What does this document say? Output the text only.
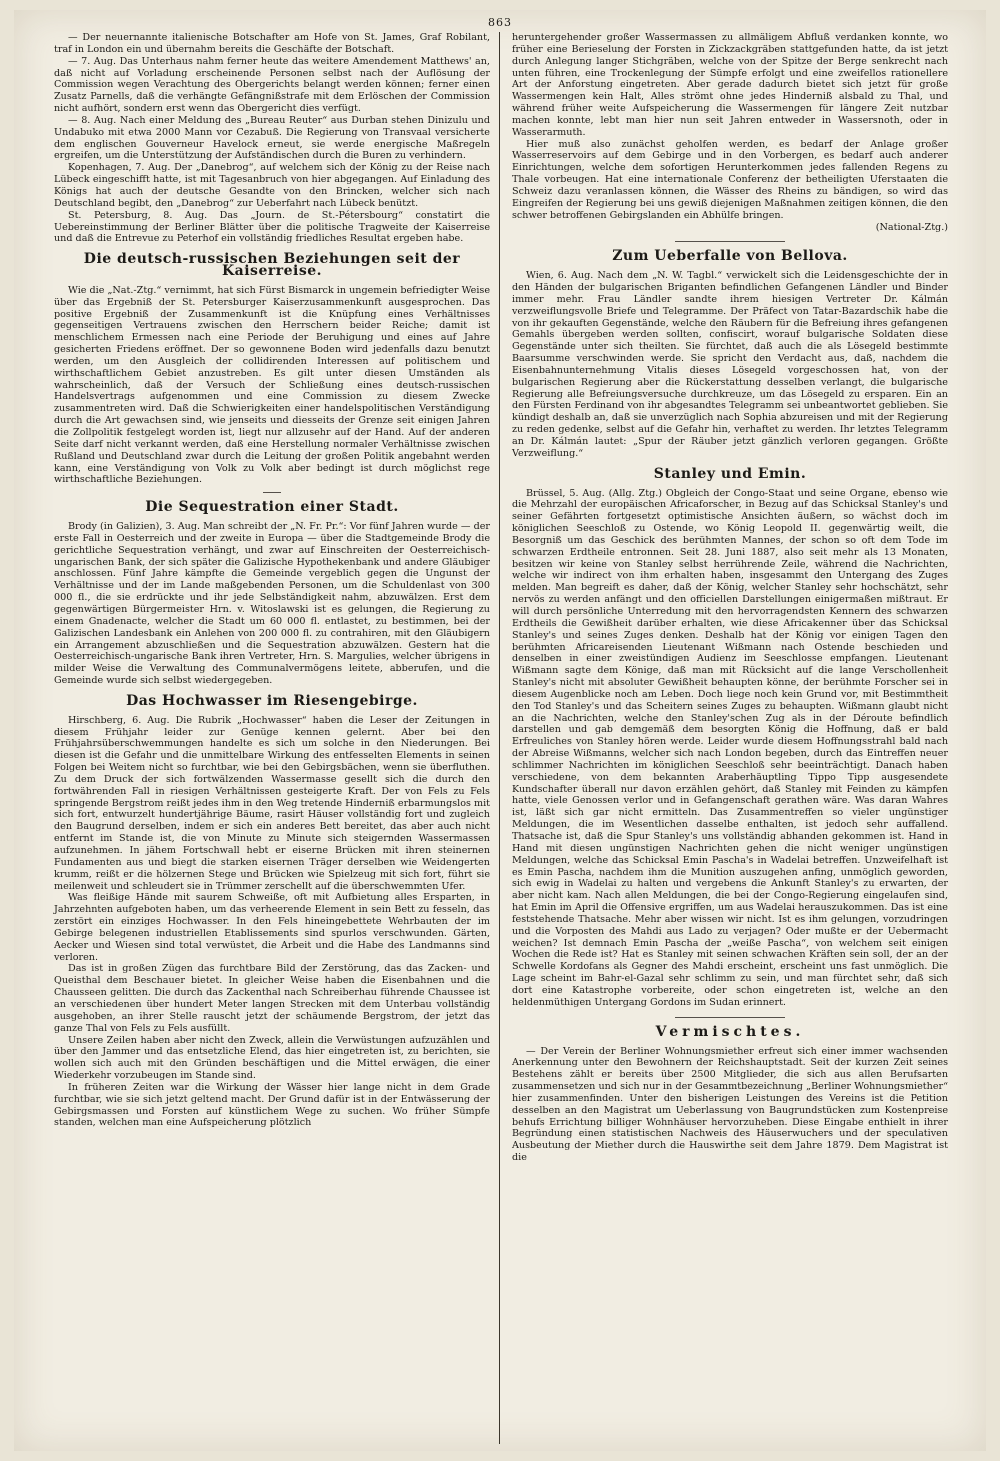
863

— Der neuernannte italienische Botschafter am Hofe von St. James, Graf Robilant, traf in London ein und übernahm bereits die Geschäfte der Botschaft.

— 7. Aug. Das Unterhaus nahm ferner heute das weitere Amendement Matthews' an, daß nicht auf Vorladung erscheinende Personen selbst nach der Auflösung der Commission wegen Verachtung des Obergerichts belangt werden können; ferner einen Zusatz Parnells, daß die verhängte Gefängnißstrafe mit dem Erlöschen der Commission nicht aufhört, sondern erst wenn das Obergericht dies verfügt.

— 8. Aug. Nach einer Meldung des „Bureau Reuter“ aus Durban stehen Dinizulu und Undabuko mit etwa 2000 Mann vor Cezabuß. Die Regierung von Transvaal versicherte dem englischen Gouverneur Havelock erneut, sie werde energische Maßregeln ergreifen, um die Unterstützung der Aufständischen durch die Buren zu verhindern.

Kopenhagen, 7. Aug. Der „Danebrog“, auf welchem sich der König zu der Reise nach Lübeck eingeschifft hatte, ist mit Tagesanbruch von hier abgegangen. Auf Einladung des Königs hat auch der deutsche Gesandte von den Brincken, welcher sich nach Deutschland begibt, den „Danebrog“ zur Ueberfahrt nach Lübeck benützt.

St. Petersburg, 8. Aug. Das „Journ. de St.-Pétersbourg“ constatirt die Uebereinstimmung der Berliner Blätter über die politische Tragweite der Kaiserreise und daß die Entrevue zu Peterhof ein vollständig friedliches Resultat ergeben habe.

Die deutsch-russischen Beziehungen seit der Kaiserreise.

Wie die „Nat.-Ztg.“ vernimmt, hat sich Fürst Bismarck in ungemein befriedigter Weise über das Ergebniß der St. Petersburger Kaiserzusammenkunft ausgesprochen. Das positive Ergebniß der Zusammenkunft ist die Knüpfung eines Verhältnisses gegenseitigen Vertrauens zwischen den Herrschern beider Reiche; damit ist menschlichem Ermessen nach eine Periode der Beruhigung und eines auf Jahre gesicherten Friedens eröffnet. Der so gewonnene Boden wird jedenfalls dazu benutzt werden, um den Ausgleich der collidirenden Interessen auf politischem und wirthschaftlichem Gebiet anzustreben. Es gilt unter diesen Umständen als wahrscheinlich, daß der Versuch der Schließung eines deutsch-russischen Handelsvertrags aufgenommen und eine Commission zu diesem Zwecke zusammentreten wird. Daß die Schwierigkeiten einer handelspolitischen Verständigung durch die Art gewachsen sind, wie jenseits und diesseits der Grenze seit einigen Jahren die Zollpolitik festgelegt worden ist, liegt nur allzusehr auf der Hand. Auf der anderen Seite darf nicht verkannt werden, daß eine Herstellung normaler Verhältnisse zwischen Rußland und Deutschland zwar durch die Leitung der großen Politik angebahnt werden kann, eine Verständigung von Volk zu Volk aber bedingt ist durch möglichst rege wirthschaftliche Beziehungen.

Die Sequestration einer Stadt.

Brody (in Galizien), 3. Aug. Man schreibt der „N. Fr. Pr.“: Vor fünf Jahren wurde — der erste Fall in Oesterreich und der zweite in Europa — über die Stadtgemeinde Brody die gerichtliche Sequestration verhängt, und zwar auf Einschreiten der Oesterreichisch-ungarischen Bank, der sich später die Galizische Hypothekenbank und andere Gläubiger anschlossen. Fünf Jahre kämpfte die Gemeinde vergeblich gegen die Ungunst der Verhältnisse und der im Lande maßgebenden Personen, um die Schuldenlast von 300 000 fl., die sie erdrückte und ihr jede Selbständigkeit nahm, abzuwälzen. Erst dem gegenwärtigen Bürgermeister Hrn. v. Witoslawski ist es gelungen, die Regierung zu einem Gnadenacte, welcher die Stadt um 60 000 fl. entlastet, zu bestimmen, bei der Galizischen Landesbank ein Anlehen von 200 000 fl. zu contrahiren, mit den Gläubigern ein Arrangement abzuschließen und die Sequestration abzuwälzen. Gestern hat die Oesterreichisch-ungarische Bank ihren Vertreter, Hrn. S. Margulies, welcher übrigens in milder Weise die Verwaltung des Communalvermögens leitete, abberufen, und die Gemeinde wurde sich selbst wiedergegeben.

Das Hochwasser im Riesengebirge.

Hirschberg, 6. Aug. Die Rubrik „Hochwasser“ haben die Leser der Zeitungen in diesem Frühjahr leider zur Genüge kennen gelernt. Aber bei den Frühjahrsüberschwemmungen handelte es sich um solche in den Niederungen. Bei diesen ist die Gefahr und die unmittelbare Wirkung des entfesselten Elements in seinen Folgen bei Weitem nicht so furchtbar, wie bei den Gebirgsbächen, wenn sie überfluthen. Zu dem Druck der sich fortwälzenden Wassermasse gesellt sich die durch den fortwährenden Fall in riesigen Verhältnissen gesteigerte Kraft. Der von Fels zu Fels springende Bergstrom reißt jedes ihm in den Weg tretende Hinderniß erbarmungslos mit sich fort, entwurzelt hundertjährige Bäume, rasirt Häuser vollständig fort und zugleich den Baugrund derselben, indem er sich ein anderes Bett bereitet, das aber auch nicht entfernt im Stande ist, die von Minute zu Minute sich steigernden Wassermassen aufzunehmen. In jähem Fortschwall hebt er eiserne Brücken mit ihren steinernen Fundamenten aus und biegt die starken eisernen Träger derselben wie Weidengerten krumm, reißt er die hölzernen Stege und Brücken wie Spielzeug mit sich fort, führt sie meilenweit und schleudert sie in Trümmer zerschellt auf die überschwemmten Ufer.

Was fleißige Hände mit saurem Schweiße, oft mit Aufbietung alles Ersparten, in Jahrzehnten aufgeboten haben, um das verheerende Element in sein Bett zu fesseln, das zerstört ein einziges Hochwasser. In den Fels hineingebettete Wehrbauten der im Gebirge belegenen industriellen Etablissements sind spurlos verschwunden. Gärten, Aecker und Wiesen sind total verwüstet, die Arbeit und die Habe des Landmanns sind verloren.

Das ist in großen Zügen das furchtbare Bild der Zerstörung, das das Zacken- und Queisthal dem Beschauer bietet. In gleicher Weise haben die Eisenbahnen und die Chausseen gelitten. Die durch das Zackenthal nach Schreiberhau führende Chaussee ist an verschiedenen über hundert Meter langen Strecken mit dem Unterbau vollständig ausgehoben, an ihrer Stelle rauscht jetzt der schäumende Bergstrom, der jetzt das ganze Thal von Fels zu Fels ausfüllt.

Unsere Zeilen haben aber nicht den Zweck, allein die Verwüstungen aufzuzählen und über den Jammer und das entsetzliche Elend, das hier eingetreten ist, zu berichten, sie wollen sich auch mit den Gründen beschäftigen und die Mittel erwägen, die einer Wiederkehr vorzubeugen im Stande sind.

In früheren Zeiten war die Wirkung der Wässer hier lange nicht in dem Grade furchtbar, wie sie sich jetzt geltend macht. Der Grund dafür ist in der Entwässerung der Gebirgsmassen und Forsten auf künstlichem Wege zu suchen. Wo früher Sümpfe standen, welchen man eine Aufspeicherung plötzlich

heruntergehender großer Wassermassen zu allmäligem Abfluß verdanken konnte, wo früher eine Berieselung der Forsten in Zickzackgräben stattgefunden hatte, da ist jetzt durch Anlegung langer Stichgräben, welche von der Spitze der Berge senkrecht nach unten führen, eine Trockenlegung der Sümpfe erfolgt und eine zweifellos rationellere Art der Anforstung eingetreten. Aber gerade dadurch bietet sich jetzt für große Wassermengen kein Halt, Alles strömt ohne jedes Hinderniß alsbald zu Thal, und während früher weite Aufspeicherung die Wassermengen für längere Zeit nutzbar machen konnte, lebt man hier nun seit Jahren entweder in Wassersnoth, oder in Wasserarmuth.

Hier muß also zunächst geholfen werden, es bedarf der Anlage großer Wasserreservoirs auf dem Gebirge und in den Vorbergen, es bedarf auch anderer Einrichtungen, welche dem sofortigen Herunterkommen jedes fallenden Regens zu Thale vorbeugen. Hat eine internationale Conferenz der betheiligten Uferstaaten die Schweiz dazu veranlassen können, die Wässer des Rheins zu bändigen, so wird das Eingreifen der Regierung bei uns gewiß diejenigen Maßnahmen zeitigen können, die den schwer betroffenen Gebirgslanden ein Abhülfe bringen.

(National-Ztg.)

Zum Ueberfalle von Bellova.

Wien, 6. Aug. Nach dem „N. W. Tagbl.“ verwickelt sich die Leidensgeschichte der in den Händen der bulgarischen Briganten befindlichen Gefangenen Ländler und Binder immer mehr. Frau Ländler sandte ihrem hiesigen Vertreter Dr. Kálmán verzweiflungsvolle Briefe und Telegramme. Der Präfect von Tatar-Bazardschik habe die von ihr gekauften Gegenstände, welche den Räubern für die Befreiung ihres gefangenen Gemahls übergeben werden sollten, confiscirt, worauf bulgarische Soldaten diese Gegenstände unter sich theilten. Sie fürchtet, daß auch die als Lösegeld bestimmte Baarsumme verschwinden werde. Sie spricht den Verdacht aus, daß, nachdem die Eisenbahnunternehmung Vitalis dieses Lösegeld vorgeschossen hat, von der bulgarischen Regierung aber die Rückerstattung desselben verlangt, die bulgarische Regierung alle Befreiungsversuche durchkreuze, um das Lösegeld zu ersparen. Ein an den Fürsten Ferdinand von ihr abgesandtes Telegramm sei unbeantwortet geblieben. Sie kündigt deshalb an, daß sie unverzüglich nach Sophia abzureisen und mit der Regierung zu reden gedenke, selbst auf die Gefahr hin, verhaftet zu werden. Ihr letztes Telegramm an Dr. Kálmán lautet: „Spur der Räuber jetzt gänzlich verloren gegangen. Größte Verzweiflung.“

Stanley und Emin.

Brüssel, 5. Aug. (Allg. Ztg.) Obgleich der Congo-Staat und seine Organe, ebenso wie die Mehrzahl der europäischen Africaforscher, in Bezug auf das Schicksal Stanley's und seiner Gefährten fortgesetzt optimistische Ansichten äußern, so wächst doch im königlichen Seeschloß zu Ostende, wo König Leopold II. gegenwärtig weilt, die Besorgniß um das Geschick des berühmten Mannes, der schon so oft dem Tode im schwarzen Erdtheile entronnen. Seit 28. Juni 1887, also seit mehr als 13 Monaten, besitzen wir keine von Stanley selbst herrührende Zeile, während die Nachrichten, welche wir indirect von ihm erhalten haben, insgesammt den Untergang des Zuges melden. Man begreift es daher, daß der König, welcher Stanley sehr hochschätzt, sehr nervös zu werden anfängt und den officiellen Darstellungen einigermaßen mißtraut. Er will durch persönliche Unterredung mit den hervorragendsten Kennern des schwarzen Erdtheils die Gewißheit darüber erhalten, wie diese Africakenner über das Schicksal Stanley's und seines Zuges denken. Deshalb hat der König vor einigen Tagen den berühmten Africareisenden Lieutenant Wißmann nach Ostende beschieden und denselben in einer zweistündigen Audienz im Seeschlosse empfangen. Lieutenant Wißmann sagte dem Könige, daß man mit Rücksicht auf die lange Verschollenheit Stanley's nicht mit absoluter Gewißheit behaupten könne, der berühmte Forscher sei in diesem Augenblicke noch am Leben. Doch liege noch kein Grund vor, mit Bestimmtheit den Tod Stanley's und das Scheitern seines Zuges zu behaupten. Wißmann glaubt nicht an die Nachrichten, welche den Stanley'schen Zug als in der Déroute befindlich darstellen und gab demgemäß dem besorgten König die Hoffnung, daß er bald Erfreuliches von Stanley hören werde. Leider wurde diesem Hoffnungsstrahl bald nach der Abreise Wißmanns, welcher sich nach London begeben, durch das Eintreffen neuer schlimmer Nachrichten im königlichen Seeschloß sehr beeinträchtigt. Danach haben verschiedene, von dem bekannten Araberhäuptling Tippo Tipp ausgesendete Kundschafter überall nur davon erzählen gehört, daß Stanley mit Feinden zu kämpfen hatte, viele Genossen verlor und in Gefangenschaft gerathen wäre. Was daran Wahres ist, läßt sich gar nicht ermitteln. Das Zusammentreffen so vieler ungünstiger Meldungen, die im Wesentlichen dasselbe enthalten, ist jedoch sehr auffallend. Thatsache ist, daß die Spur Stanley's uns vollständig abhanden gekommen ist. Hand in Hand mit diesen ungünstigen Nachrichten gehen die nicht weniger ungünstigen Meldungen, welche das Schicksal Emin Pascha's in Wadelai betreffen. Unzweifelhaft ist es Emin Pascha, nachdem ihm die Munition auszugehen anfing, unmöglich geworden, sich ewig in Wadelai zu halten und vergebens die Ankunft Stanley's zu erwarten, der aber nicht kam. Nach allen Meldungen, die bei der Congo-Regierung eingelaufen sind, hat Emin im April die Offensive ergriffen, um aus Wadelai herauszukommen. Das ist eine feststehende Thatsache. Mehr aber wissen wir nicht. Ist es ihm gelungen, vorzudringen und die Vorposten des Mahdi aus Lado zu verjagen? Oder mußte er der Uebermacht weichen? Ist demnach Emin Pascha der „weiße Pascha“, von welchem seit einigen Wochen die Rede ist? Hat es Stanley mit seinen schwachen Kräften sein soll, der an der Schwelle Kordofans als Gegner des Mahdi erscheint, erscheint uns fast unmöglich. Die Lage scheint im Bahr-el-Gazal sehr schlimm zu sein, und man fürchtet sehr, daß sich dort eine Katastrophe vorbereite, oder schon eingetreten ist, welche an den heldenmüthigen Untergang Gordons im Sudan erinnert.

Vermischtes.

— Der Verein der Berliner Wohnungsmiether erfreut sich einer immer wachsenden Anerkennung unter den Bewohnern der Reichshauptstadt. Seit der kurzen Zeit seines Bestehens zählt er bereits über 2500 Mitglieder, die sich aus allen Berufsarten zusammensetzen und sich nur in der Gesammtbezeichnung „Berliner Wohnungsmiether“ hier zusammenfinden. Unter den bisherigen Leistungen des Vereins ist die Petition desselben an den Magistrat um Ueberlassung von Baugrundstücken zum Kostenpreise behufs Errichtung billiger Wohnhäuser hervorzuheben. Diese Eingabe enthielt in ihrer Begründung einen statistischen Nachweis des Häuserwuchers und der speculativen Ausbeutung der Miether durch die Hauswirthe seit dem Jahre 1879. Dem Magistrat ist die
